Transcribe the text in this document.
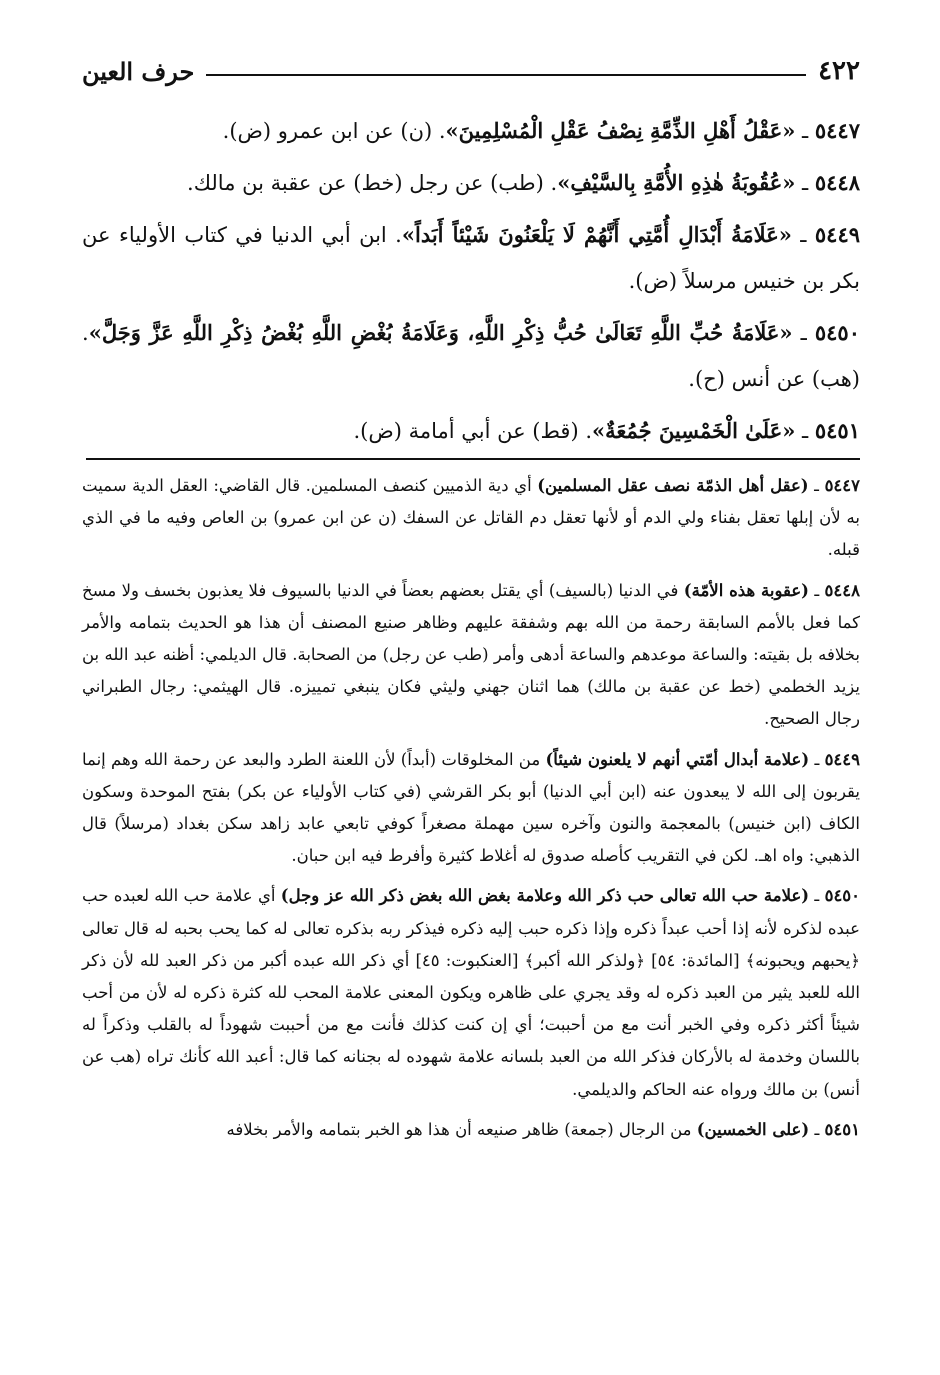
٤٢٢
حرف العين

٥٤٤٧ ـ «عَقْلُ أَهْلِ الذِّمَّةِ نِصْفُ عَقْلِ الْمُسْلِمِينَ». (ن) عن ابن عمرو (ض).

٥٤٤٨ ـ «عُقُوبَةُ هٰذِهِ الأُمَّةِ بِالسَّيْفِ». (طب) عن رجل (خط) عن عقبة بن مالك.

٥٤٤٩ ـ «عَلَامَةُ أَبْدَالِ أُمَّتِي أَنَّهُمْ لَا يَلْعَنُونَ شَيْئاً أَبَداً». ابن أبي الدنيا في كتاب الأولياء عن بكر بن خنيس مرسلاً (ض).

٥٤٥٠ ـ «عَلَامَةُ حُبِّ اللَّهِ تَعَالَىٰ حُبُّ ذِكْرِ اللَّهِ، وَعَلَامَةُ بُغْضِ اللَّهِ بُغْضُ ذِكْرِ اللَّهِ عَزَّ وَجَلَّ». (هب) عن أنس (ح).

٥٤٥١ ـ «عَلَىٰ الْخَمْسِينَ جُمُعَةٌ». (قط) عن أبي أمامة (ض).

٥٤٤٧ ـ (عقل أهل الذمّة نصف عقل المسلمين) أي دية الذميين كنصف المسلمين. قال القاضي: العقل الدية سميت به لأن إبلها تعقل بفناء ولي الدم أو لأنها تعقل دم القاتل عن السفك (ن عن ابن عمرو) بن العاص وفيه ما في الذي قبله.

٥٤٤٨ ـ (عقوبة هذه الأمّة) في الدنيا (بالسيف) أي يقتل بعضهم بعضاً في الدنيا بالسيوف فلا يعذبون بخسف ولا مسخ كما فعل بالأمم السابقة رحمة من الله بهم وشفقة عليهم وظاهر صنيع المصنف أن هذا هو الحديث بتمامه والأمر بخلافه بل بقيته: والساعة موعدهم والساعة أدهى وأمر (طب عن رجل) من الصحابة. قال الديلمي: أظنه عبد الله بن يزيد الخطمي (خط عن عقبة بن مالك) هما اثنان جهني وليثي فكان ينبغي تمييزه. قال الهيثمي: رجال الطبراني رجال الصحيح.

٥٤٤٩ ـ (علامة أبدال أمّتي أنهم لا يلعنون شيئاً) من المخلوقات (أبداً) لأن اللعنة الطرد والبعد عن رحمة الله وهم إنما يقربون إلى الله لا يبعدون عنه (ابن أبي الدنيا) أبو بكر القرشي (في كتاب الأولياء عن بكر) بفتح الموحدة وسكون الكاف (ابن خنيس) بالمعجمة والنون وآخره سين مهملة مصغراً كوفي تابعي عابد زاهد سكن بغداد (مرسلاً) قال الذهبي: واه اهـ. لكن في التقريب كأصله صدوق له أغلاط كثيرة وأفرط فيه ابن حبان.

٥٤٥٠ ـ (علامة حب الله تعالى حب ذكر الله وعلامة بغض الله بغض ذكر الله عز وجل) أي علامة حب الله لعبده حب عبده لذكره لأنه إذا أحب عبداً ذكره وإذا ذكره حبب إليه ذكره فيذكر ربه بذكره تعالى له كما يحب بحبه له قال تعالى ﴿يحبهم ويحبونه﴾ [المائدة: ٥٤] ﴿ولذكر الله أكبر﴾ [العنكبوت: ٤٥] أي ذكر الله عبده أكبر من ذكر العبد لله لأن ذكر الله للعبد يثير من العبد ذكره له وقد يجري على ظاهره ويكون المعنى علامة المحب لله كثرة ذكره له لأن من أحب شيئاً أكثر ذكره وفي الخبر أنت مع من أحببت؛ أي إن كنت كذلك فأنت مع من أحببت شهوداً له بالقلب وذكراً له باللسان وخدمة له بالأركان فذكر الله من العبد بلسانه علامة شهوده له بجنانه كما قال: أعبد الله كأنك تراه (هب عن أنس) بن مالك ورواه عنه الحاكم والديلمي.

٥٤٥١ ـ (على الخمسين) من الرجال (جمعة) ظاهر صنيعه أن هذا هو الخبر بتمامه والأمر بخلافه
